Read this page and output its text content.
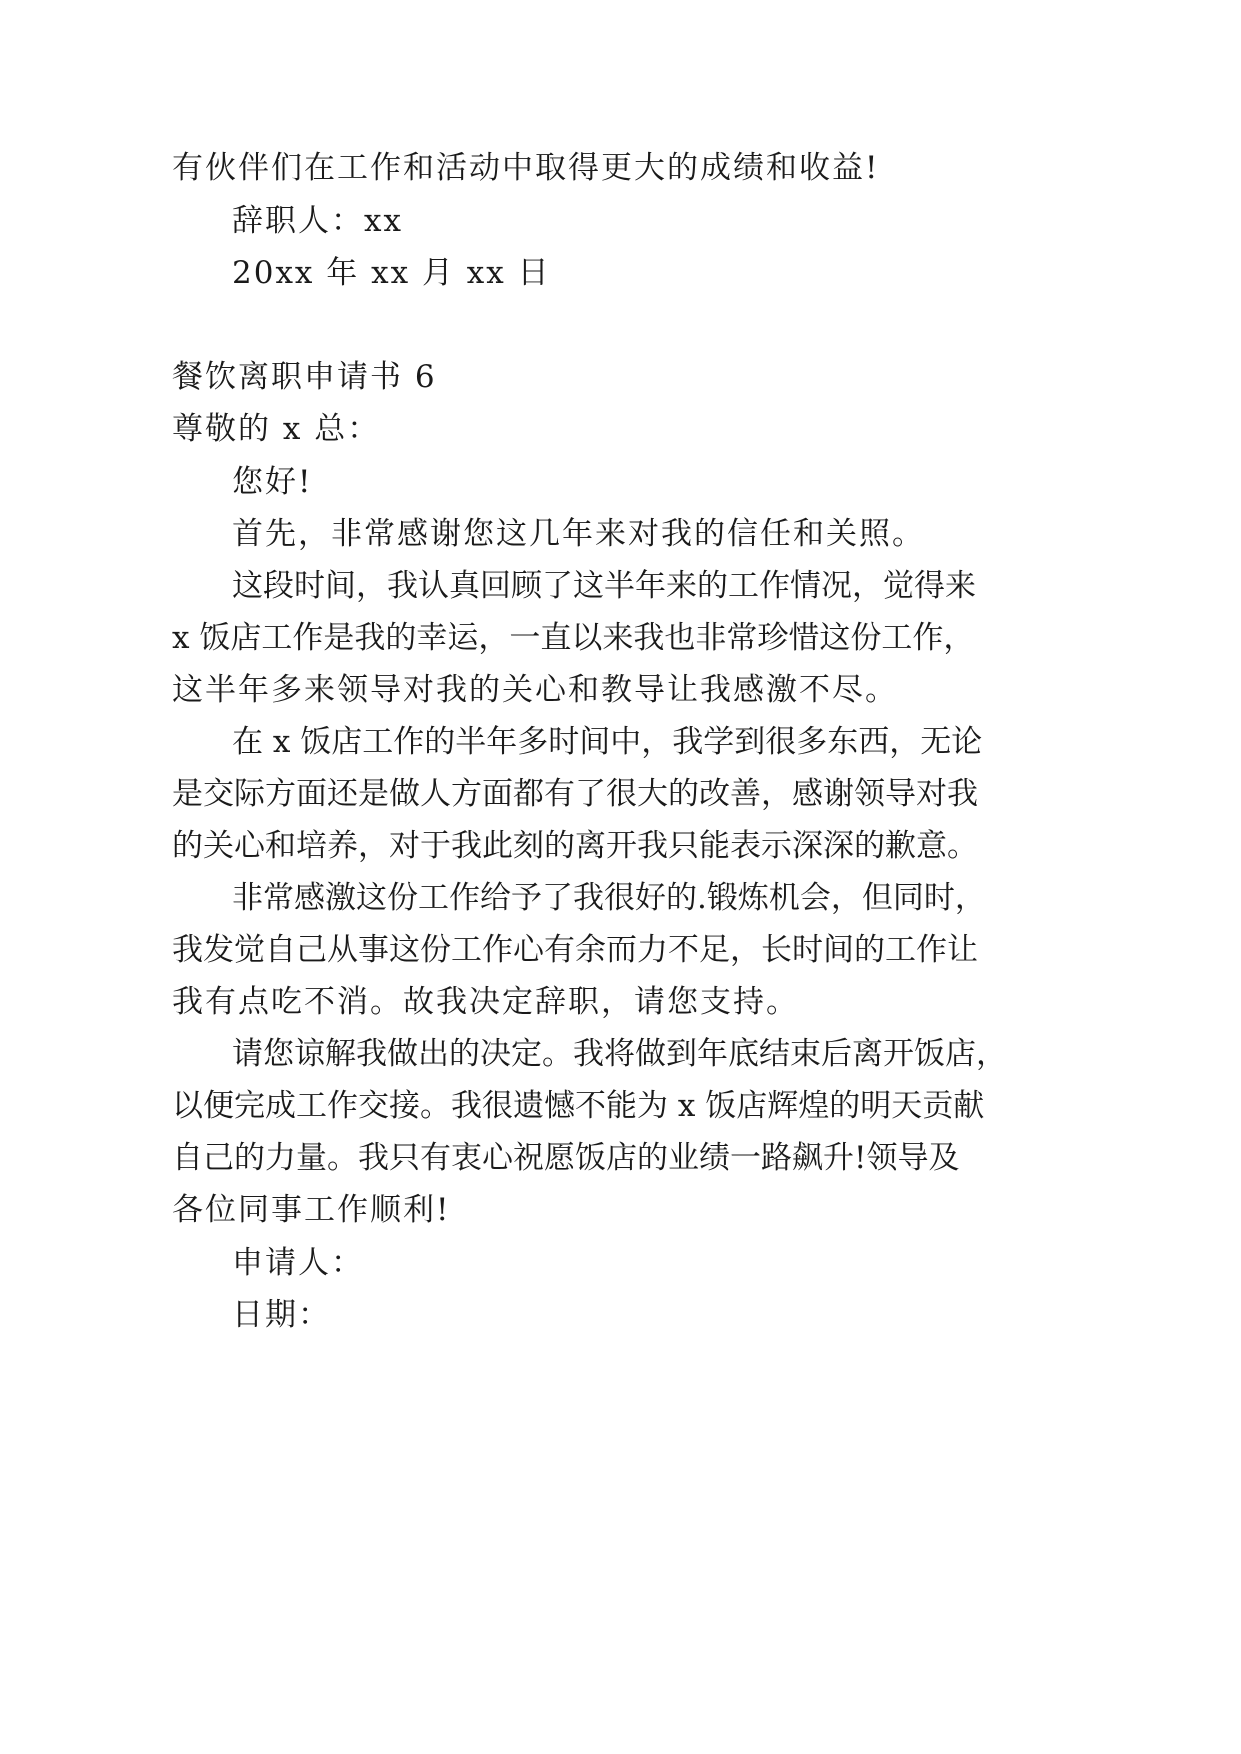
有伙伴们在工作和活动中取得更大的成绩和收益!
辞职人：xx
20xx 年 xx 月 xx 日
餐饮离职申请书 6
尊敬的 x 总：
您好!
首先，非常感谢您这几年来对我的信任和关照。
这段时间，我认真回顾了这半年来的工作情况，觉得来
x 饭店工作是我的幸运，一直以来我也非常珍惜这份工作，
这半年多来领导对我的关心和教导让我感激不尽。
在 x 饭店工作的半年多时间中，我学到很多东西，无论
是交际方面还是做人方面都有了很大的改善，感谢领导对我
的关心和培养，对于我此刻的离开我只能表示深深的歉意。
非常感激这份工作给予了我很好的.锻炼机会，但同时，
我发觉自己从事这份工作心有余而力不足，长时间的工作让
我有点吃不消。故我决定辞职，请您支持。
请您谅解我做出的决定。我将做到年底结束后离开饭店，
以便完成工作交接。我很遗憾不能为 x 饭店辉煌的明天贡献
自己的力量。我只有衷心祝愿饭店的业绩一路飙升!领导及
各位同事工作顺利!
申请人：
日期：
